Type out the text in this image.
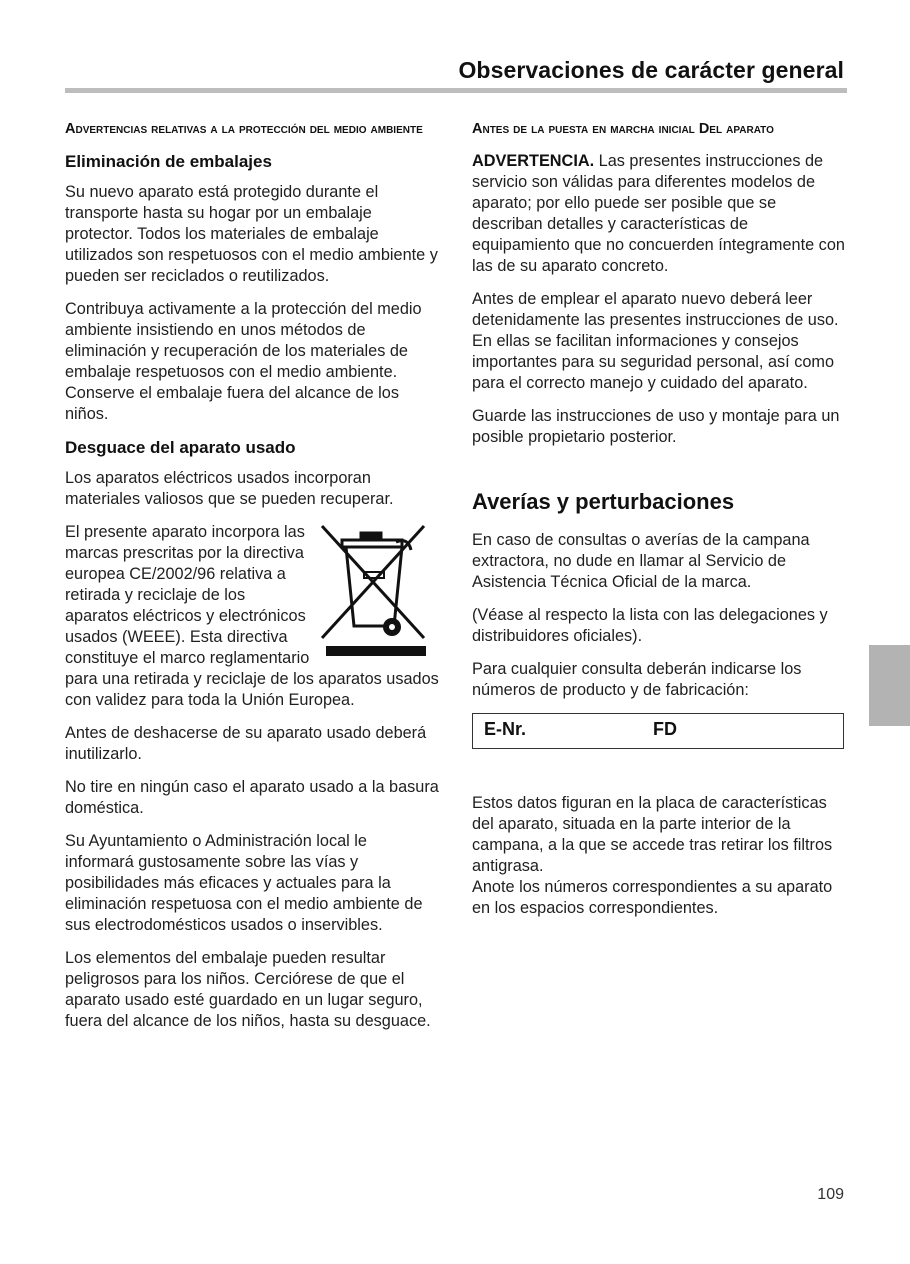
Observaciones de carácter general
Advertencias relativas a la protección del medio ambiente
Eliminación de embalajes

Su nuevo aparato está protegido durante el transporte hasta su hogar por un embalaje protector. Todos los materiales de embalaje utilizados son respetuosos con el medio ambiente y pueden ser reciclados o reutilizados.

Contribuya activamente a la protección del medio ambiente insistiendo en unos métodos de eliminación y recuperación de los materiales de embalaje respetuosos con el medio ambiente. Conserve el embalaje fuera del alcance de los niños.

Desguace del aparato usado

Los aparatos eléctricos usados incorporan materiales valiosos que se pueden recuperar.

El presente aparato incorpora las marcas prescritas por la directiva europea CE/2002/96 relativa a retirada y reciclaje de los aparatos eléctricos y electrónicos usados (WEEE). Esta directiva constituye el marco reglamentario para una retirada y reciclaje de los aparatos usados con validez para toda la Unión Europea.

Antes de deshacerse de su aparato usado deberá inutilizarlo.

No tire en ningún caso el aparato usado a la basura doméstica.

Su Ayuntamiento o Administración local le informará gustosamente sobre las vías y posibilidades más eficaces y actuales para la eliminación respetuosa con el medio ambiente de sus electrodomésticos usados o inservibles.

Los elementos del embalaje pueden resultar peligrosos para los niños. Cerciórese de que el aparato usado esté guardado en un lugar seguro, fuera del alcance de los niños, hasta su desguace.

Antes de la puesta en marcha inicial Del aparato

ADVERTENCIA. Las presentes instrucciones de servicio son válidas para diferentes modelos de aparato; por ello puede ser posible que se describan detalles y características de equipamiento que no concuerden íntegramente con las de su aparato concreto.

Antes de emplear el aparato nuevo deberá leer detenidamente las presentes instrucciones de uso. En ellas se facilitan informaciones y consejos importantes para su seguridad personal, así como para el correcto manejo y cuidado del aparato.

Guarde las instrucciones de uso y montaje para un posible propietario posterior.

Averías y perturbaciones

En caso de consultas o averías de la campana extractora, no dude en llamar al Servicio de Asistencia Técnica Oficial de la marca.

(Véase al respecto la lista con las delegaciones y distribuidores oficiales).

Para cualquier consulta deberán indicarse los números de producto y de fabricación:

E-Nr.	FD

Estos datos figuran en la placa de características del aparato, situada en la parte interior de la campana, a la que se accede tras retirar los filtros antigrasa.

Anote los números correspondientes a su aparato en los espacios correspondientes.

109
